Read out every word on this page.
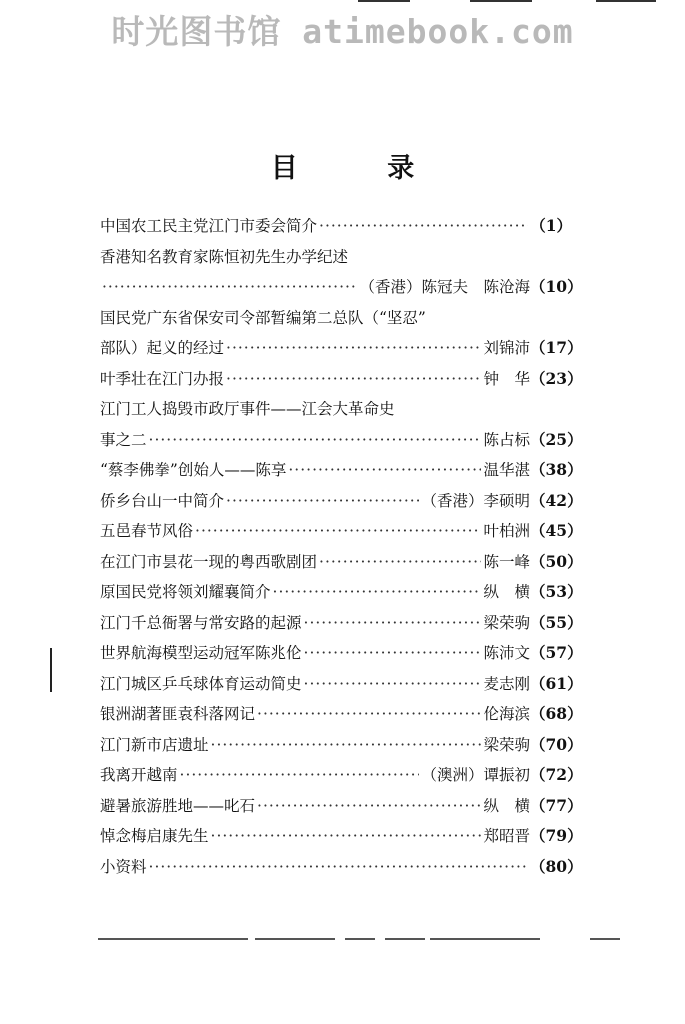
时光图书馆 atimebook.com
目 录
中国农工民主党江门市委会简介 ·····	（1）
香港知名教育家陈恒初先生办学纪述
·····
（香港）陈冠夫　陈沧海 （10）
国民党广东省保安司令部暂编第二总队（“坚忍”
部队）起义的经过 ·····	刘锦沛 （17）
叶季壮在江门办报 ·····	钟　华 （23）
江门工人捣毁市政厅事件——江会大革命史
事之二 ·····	陈占标 （25）
“蔡李佛拳”创始人——陈享 ·····	温华湛 （38）
侨乡台山一中简介 ·····	（香港）李硕明 （42）
五邑春节风俗 ·····	叶柏洲 （45）
在江门市昙花一现的粤西歌剧团 ·····	陈一峰 （50）
原国民党将领刘耀襄简介 ·····	纵　横 （53）
江门千总衙署与常安路的起源 ·····	梁荣驹 （55）
世界航海模型运动冠军陈兆伦 ·····	陈沛文 （57）
江门城区乒乓球体育运动简史 ·····	麦志刚 （61）
银洲湖著匪袁科落网记 ·····	伦海滨 （68）
江门新市店遗址 ·····	梁荣驹 （70）
我离开越南 ·····	（澳洲）谭振初 （72）
避暑旅游胜地——叱石 ·····	纵　横 （77）
悼念梅启康先生 ·····	郑昭晋 （79）
小资料 ·····	（80）
